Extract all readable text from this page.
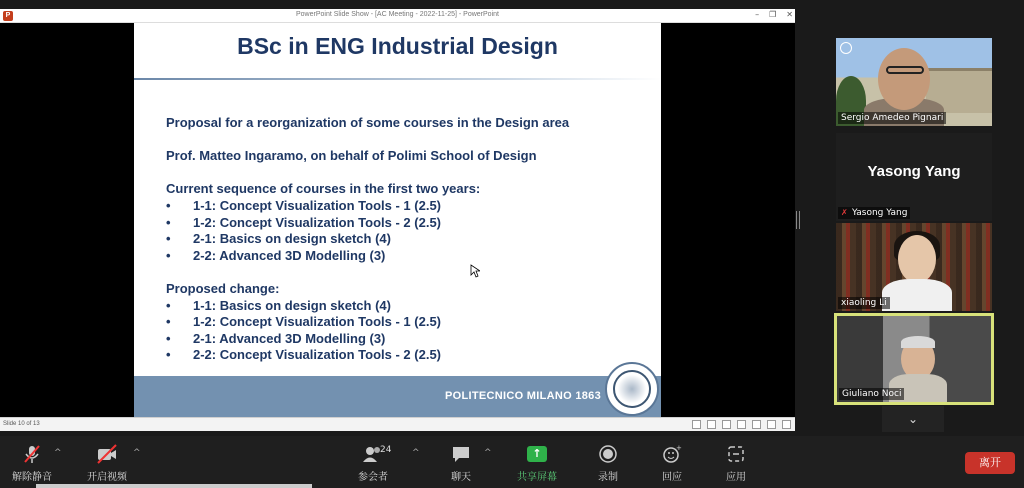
P	PowerPoint Slide Show - [AC Meeting - 2022-11-25] - PowerPoint	– ❐ ✕
BSc in ENG Industrial Design
Proposal for a reorganization of some courses in the Design area
Prof. Matteo Ingaramo, on behalf of Polimi School of Design
Current sequence of courses in the first two years:
•	1-1: Concept Visualization Tools - 1 (2.5)
•	1-2: Concept Visualization Tools - 2 (2.5)
•	2-1: Basics on design sketch (4)
•	2-2: Advanced 3D Modelling (3)
Proposed change:
•	1-1: Basics on design sketch (4)
•	1-2: Concept Visualization Tools - 1 (2.5)
•	2-1: Advanced 3D Modelling (3)
•	2-2: Concept Visualization Tools - 2 (2.5)
POLITECNICO MILANO 1863
Slide 10 of 13
Sergio Amedeo Pignari
Yasong Yang
✗ Yasong Yang
xiaoling Li
Giuliano Noci
⌄
解除静音
^
开启视频
^	24
参会者
^
聊天
^	↑
共享屏幕	录制
+
回应	应用
离开
